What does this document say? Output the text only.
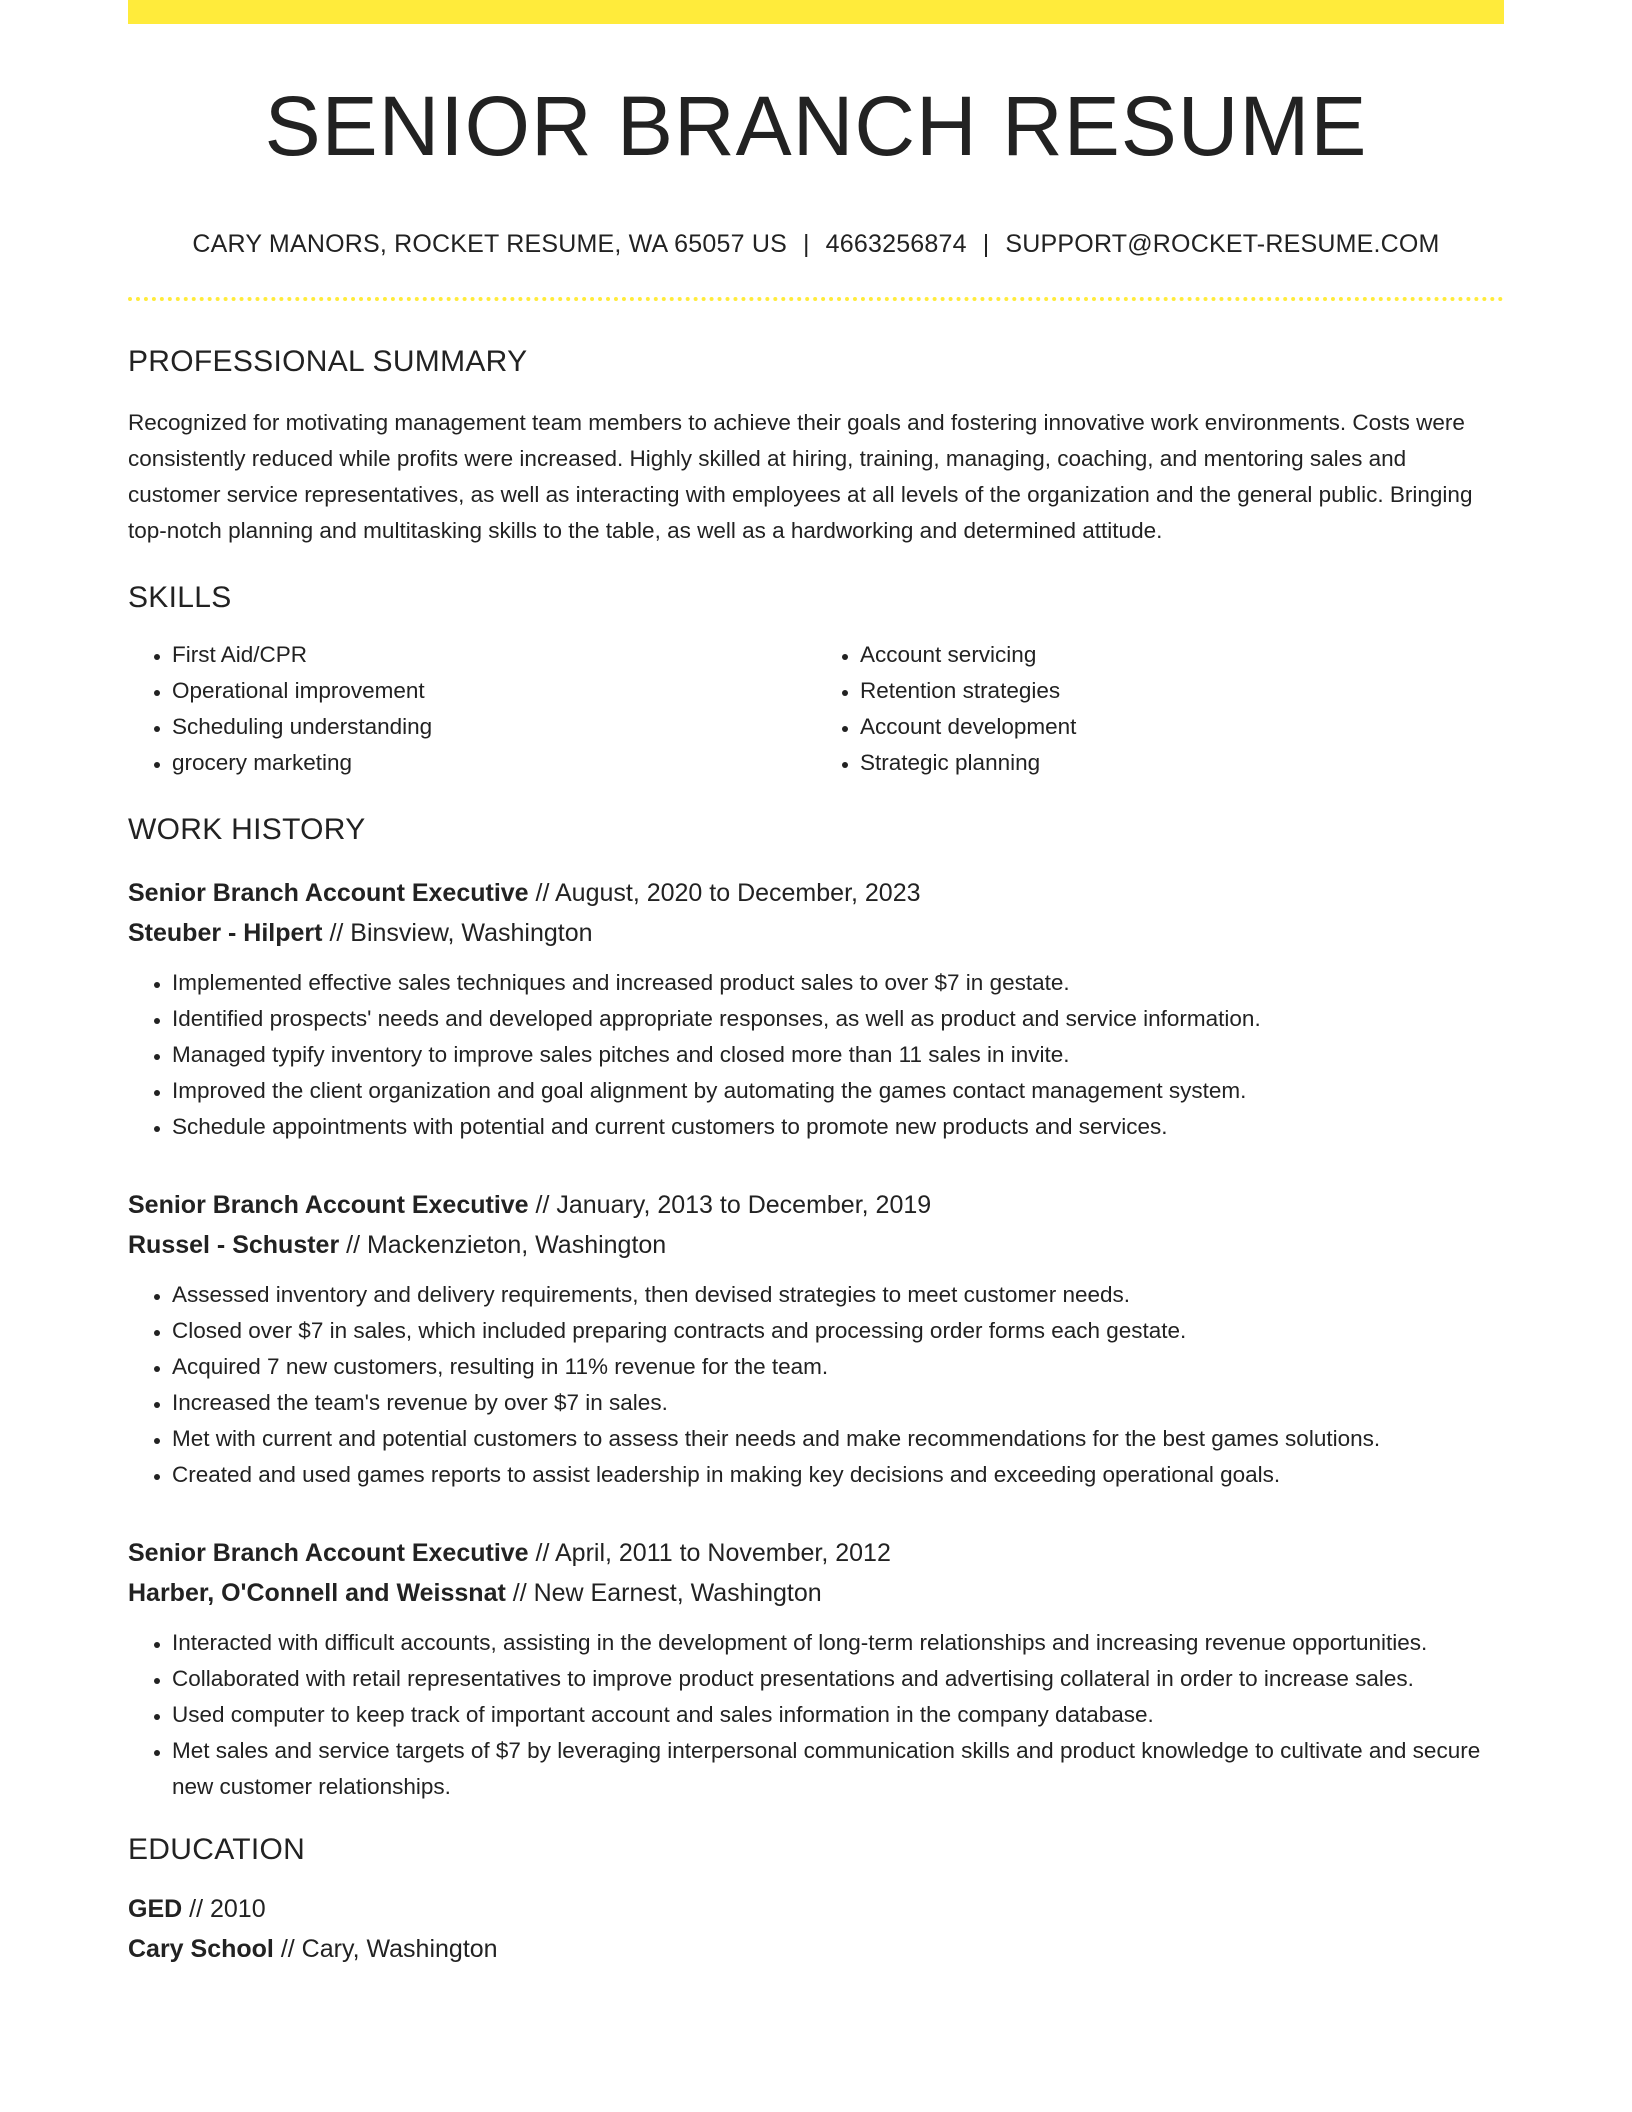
SENIOR BRANCH RESUME
CARY MANORS, ROCKET RESUME, WA 65057 US | 4663256874 | SUPPORT@ROCKET-RESUME.COM
PROFESSIONAL SUMMARY
Recognized for motivating management team members to achieve their goals and fostering innovative work environments. Costs were consistently reduced while profits were increased. Highly skilled at hiring, training, managing, coaching, and mentoring sales and customer service representatives, as well as interacting with employees at all levels of the organization and the general public. Bringing top-notch planning and multitasking skills to the table, as well as a hardworking and determined attitude.
SKILLS
• First Aid/CPR
• Operational improvement
• Scheduling understanding
• grocery marketing
• Account servicing
• Retention strategies
• Account development
• Strategic planning
WORK HISTORY
Senior Branch Account Executive // August, 2020 to December, 2023
Steuber - Hilpert // Binsview, Washington
• Implemented effective sales techniques and increased product sales to over $7 in gestate.
• Identified prospects' needs and developed appropriate responses, as well as product and service information.
• Managed typify inventory to improve sales pitches and closed more than 11 sales in invite.
• Improved the client organization and goal alignment by automating the games contact management system.
• Schedule appointments with potential and current customers to promote new products and services.
Senior Branch Account Executive // January, 2013 to December, 2019
Russel - Schuster // Mackenzieton, Washington
• Assessed inventory and delivery requirements, then devised strategies to meet customer needs.
• Closed over $7 in sales, which included preparing contracts and processing order forms each gestate.
• Acquired 7 new customers, resulting in 11% revenue for the team.
• Increased the team's revenue by over $7 in sales.
• Met with current and potential customers to assess their needs and make recommendations for the best games solutions.
• Created and used games reports to assist leadership in making key decisions and exceeding operational goals.
Senior Branch Account Executive // April, 2011 to November, 2012
Harber, O'Connell and Weissnat // New Earnest, Washington
• Interacted with difficult accounts, assisting in the development of long-term relationships and increasing revenue opportunities.
• Collaborated with retail representatives to improve product presentations and advertising collateral in order to increase sales.
• Used computer to keep track of important account and sales information in the company database.
• Met sales and service targets of $7 by leveraging interpersonal communication skills and product knowledge to cultivate and secure new customer relationships.
EDUCATION
GED // 2010
Cary School // Cary, Washington
